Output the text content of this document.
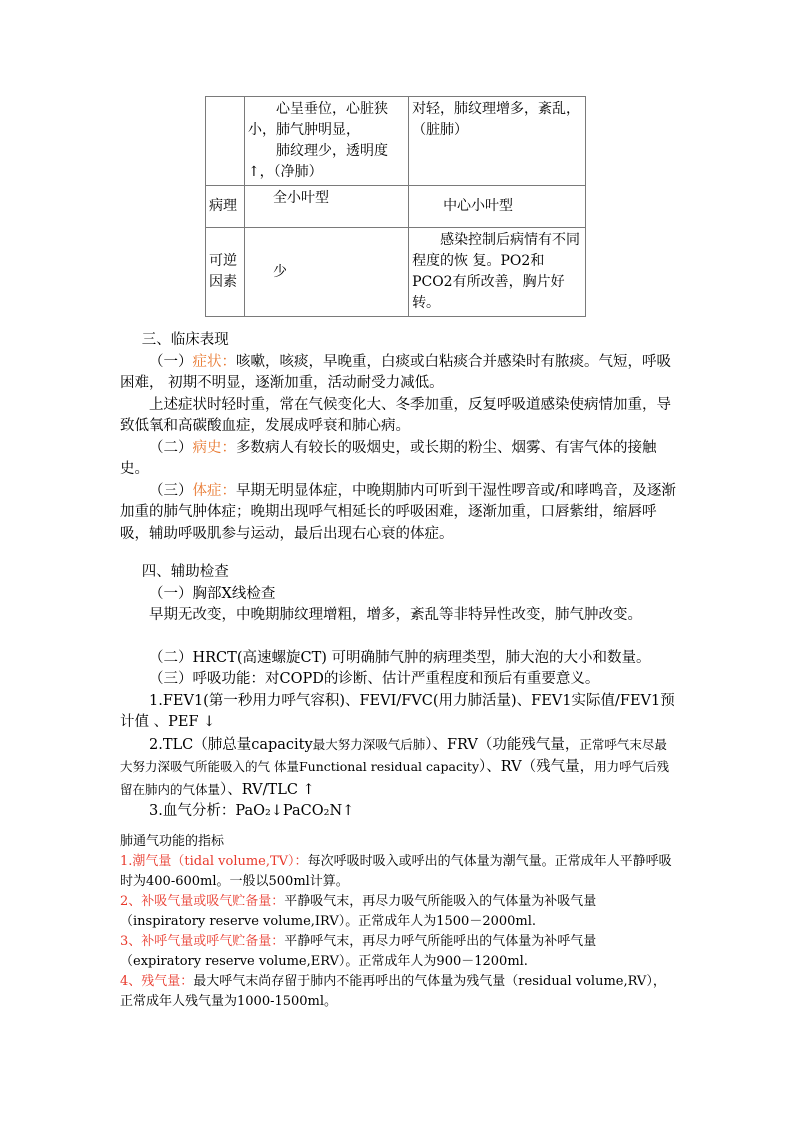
	心呈垂位，心脏狭小，肺气肿明显，
肺纹理少，透明度↑，（净肺）	对轻，肺纹理增多，紊乱，（脏肺）

病理	全小叶型	中心小叶型
可逆因素	少	感染控制后病情有不同程度的恢 复。PO2和PCO2有所改善，胸片好转。

三、临床表现

（一）症状：咳嗽，咳痰，早晚重，白痰或白粘痰合并感染时有脓痰。气短，呼吸困难， 初期不明显，逐渐加重，活动耐受力减低。

上述症状时轻时重，常在气候变化大、冬季加重，反复呼吸道感染使病情加重，导致低氧和高碳酸血症，发展成呼衰和肺心病。

（二）病史：多数病人有较长的吸烟史，或长期的粉尘、烟雾、有害气体的接触史。

（三）体症：早期无明显体症，中晚期肺内可听到干湿性啰音或/和哮鸣音，及逐渐加重的肺气肿体症；晚期出现呼气相延长的呼吸困难，逐渐加重，口唇紫绀，缩唇呼吸，辅助呼吸肌参与运动，最后出现右心衰的体症。

四、辅助检查

（一）胸部X线检查

早期无改变，中晚期肺纹理增粗，增多，紊乱等非特异性改变，肺气肿改变。

（二）HRCT(高速螺旋CT) 可明确肺气肿的病理类型，肺大泡的大小和数量。

（三）呼吸功能：对COPD的诊断、估计严重程度和预后有重要意义。

1.FEV1(第一秒用力呼气容积)、FEVI/FVC(用力肺活量)、FEV1实际值/FEV1预计值 、PEF ↓

2.TLC（肺总量capacity最大努力深吸气后肺）、FRV（功能残气量，正常呼气末尽最大努力深吸气所能吸入的气 体量Functional residual capacity）、RV（残气量，用力呼气后残留在肺内的气体量）、RV/TLC ↑

3.血气分析：PaO₂↓PaCO₂N↑

肺通气功能的指标

1.潮气量（tidal volume,TV）：每次呼吸时吸入或呼出的气体量为潮气量。正常成年人平静呼吸时为400-600ml。一般以500ml计算。

2、补吸气量或吸气贮备量：平静吸气末，再尽力吸气所能吸入的气体量为补吸气量（inspiratory reserve volume,IRV）。正常成年人为1500－2000ml.

3、补呼气量或呼气贮备量：平静呼气末，再尽力呼气所能呼出的气体量为补呼气量（expiratory reserve volume,ERV）。正常成年人为900－1200ml.

4、残气量：最大呼气末尚存留于肺内不能再呼出的气体量为残气量（residual volume,RV），正常成年人残气量为1000-1500ml。
